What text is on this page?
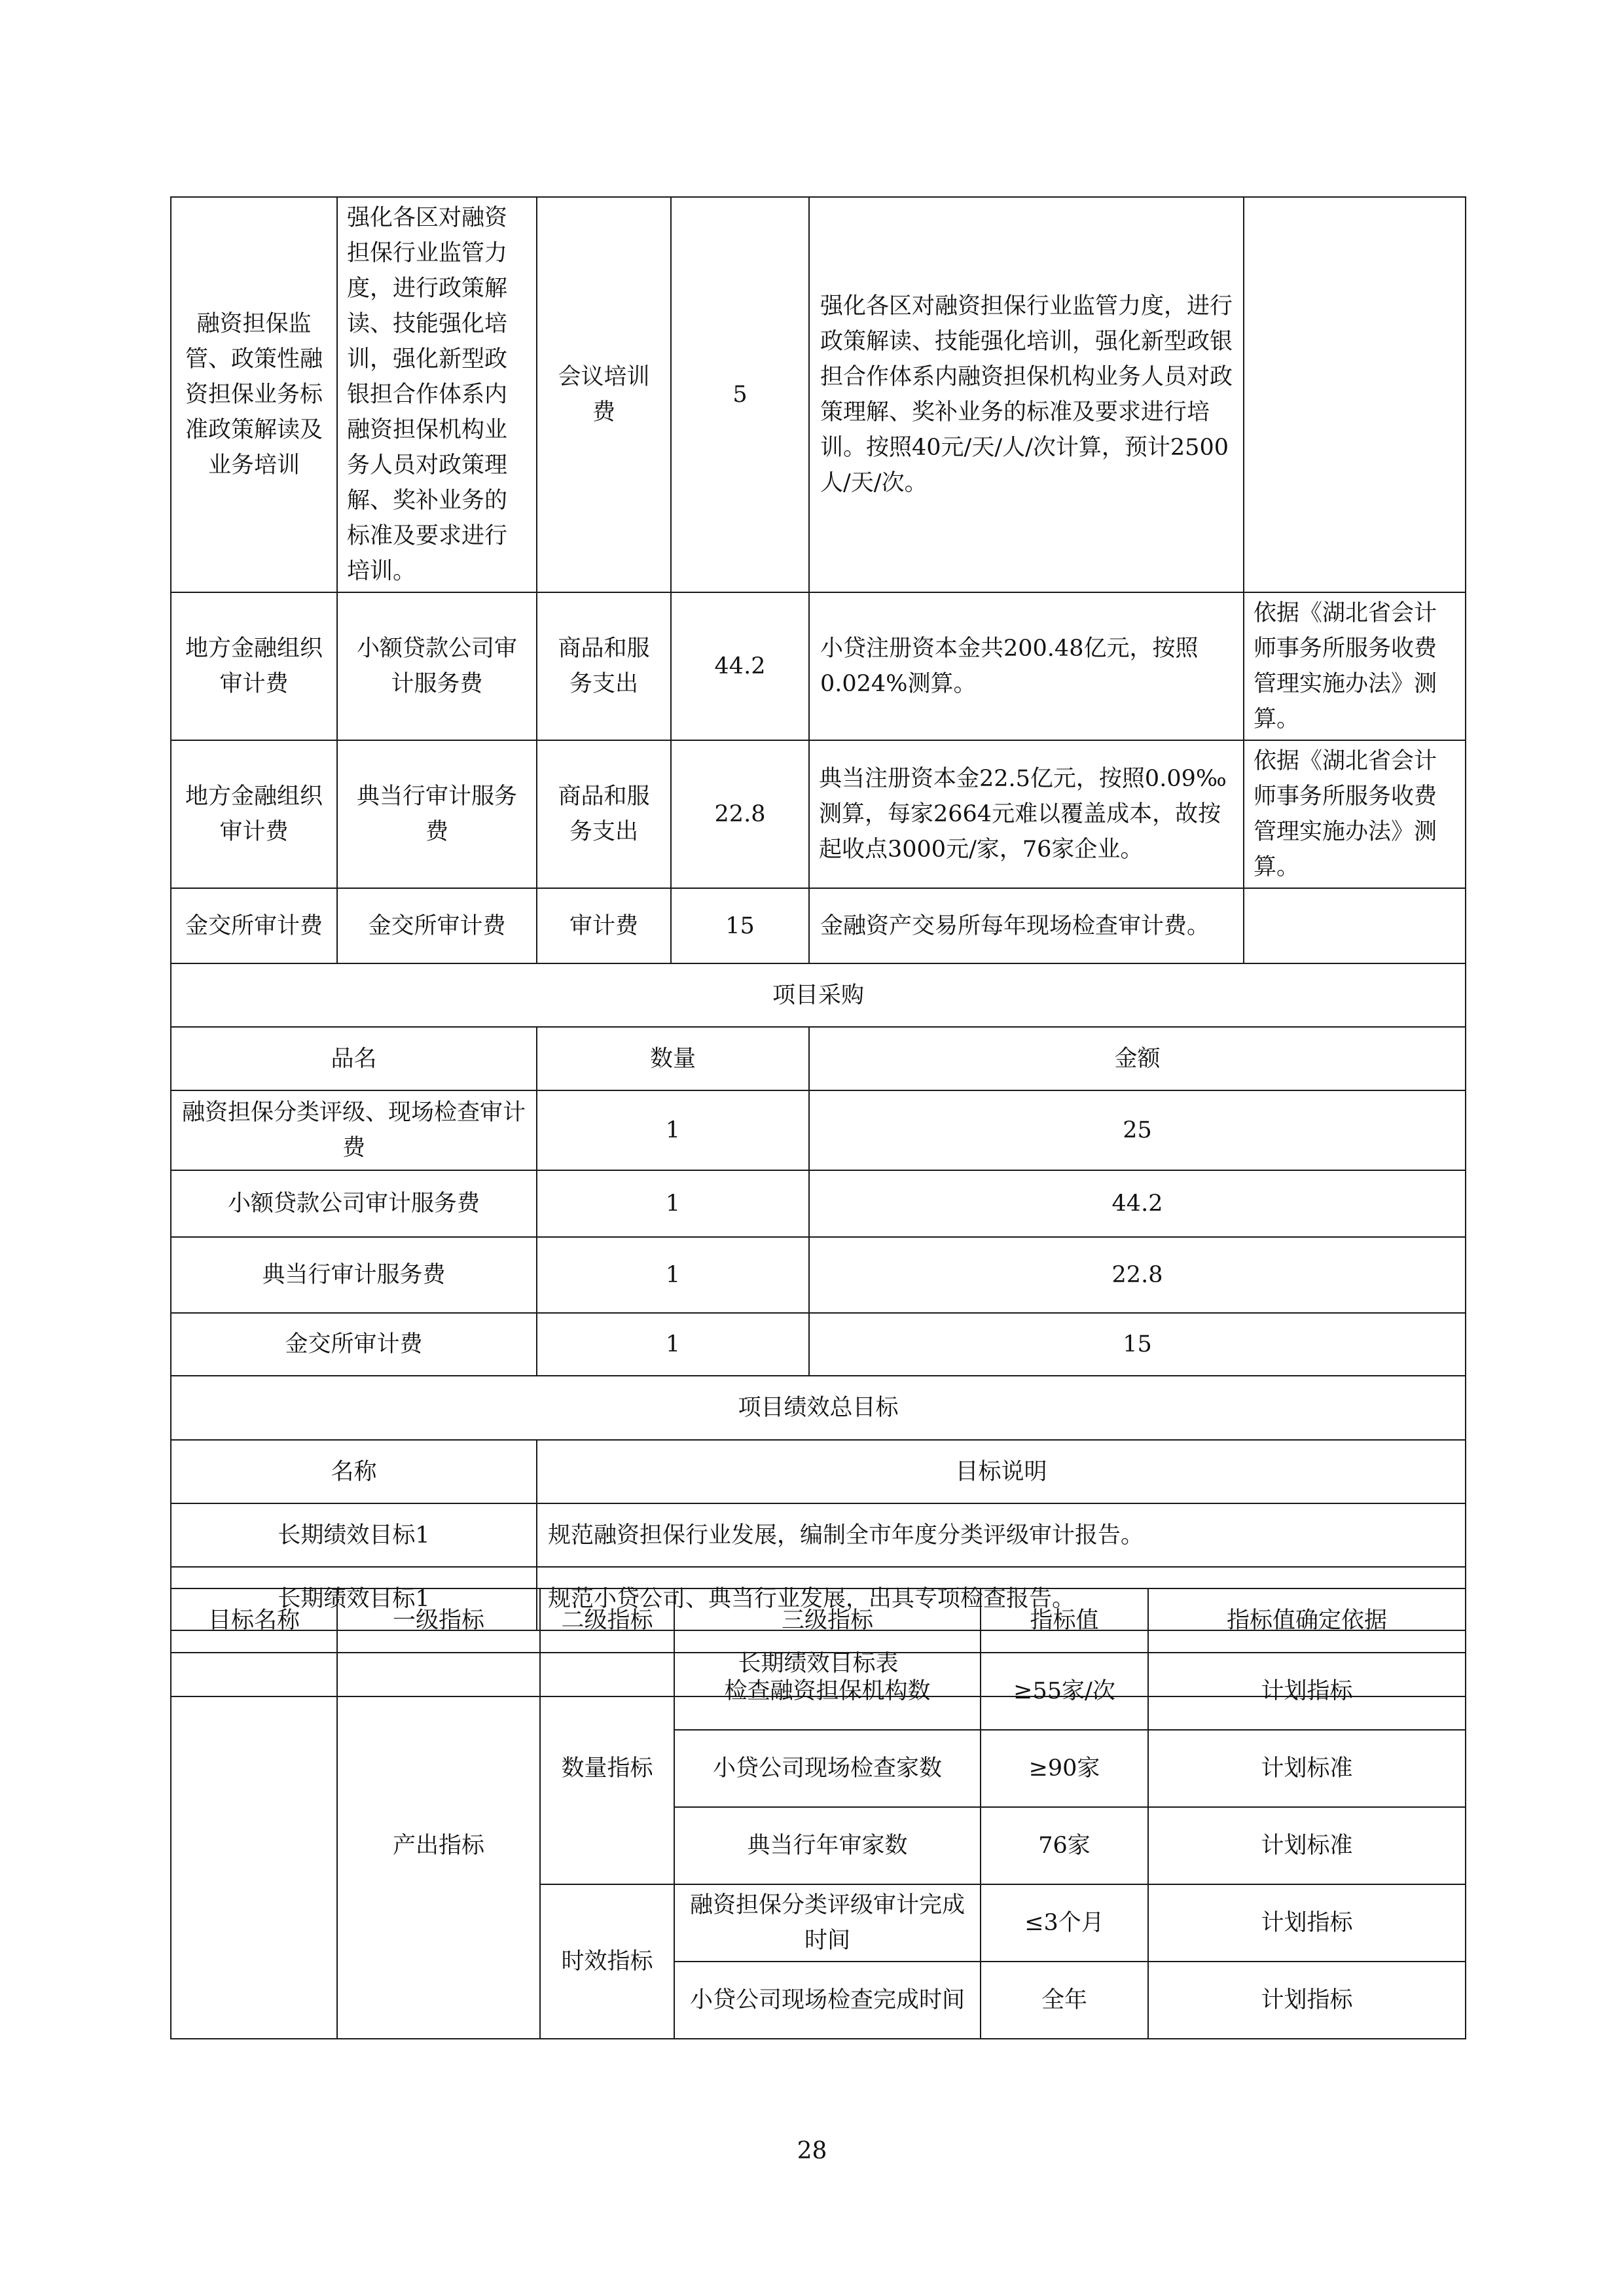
融资担保监管、政策性融资担保业务标准政策解读及业务培训	强化各区对融资担保行业监管力度，进行政策解读、技能强化培训，强化新型政银担合作体系内融资担保机构业务人员对政策理解、奖补业务的标准及要求进行培训。	会议培训费	5	强化各区对融资担保行业监管力度，进行政策解读、技能强化培训，强化新型政银担合作体系内融资担保机构业务人员对政策理解、奖补业务的标准及要求进行培训。按照40元/天/人/次计算，预计2500人/天/次。	
地方金融组织审计费	小额贷款公司审计服务费	商品和服务支出	44.2	小贷注册资本金共200.48亿元，按照0.024%测算。	依据《湖北省会计师事务所服务收费管理实施办法》测算。
地方金融组织审计费	典当行审计服务费	商品和服务支出	22.8	典当注册资本金22.5亿元，按照0.09‰测算，每家2664元难以覆盖成本，故按起收点3000元/家，76家企业。	依据《湖北省会计师事务所服务收费管理实施办法》测算。
金交所审计费	金交所审计费	审计费	15	金融资产交易所每年现场检查审计费。	
项目采购					
品名		数量		金额	
融资担保分类评级、现场检查审计费		1		25	
小额贷款公司审计服务费		1		44.2	
典当行审计服务费		1		22.8	
金交所审计费		1		15	
项目绩效总目标					
名称		目标说明			
长期绩效目标1		规范融资担保行业发展，编制全市年度分类评级审计报告。			
长期绩效目标1		规范小贷公司、典当行业发展，出具专项检查报告。			
长期绩效目标表					
目标名称	一级指标	二级指标	三级指标	指标值	指标值确定依据
	产出指标	数量指标	检查融资担保机构数	≥55家/次	计划指标
			小贷公司现场检查家数	≥90家	计划标准
			典当行年审家数	76家	计划标准
		时效指标	融资担保分类评级审计完成时间	≤3个月	计划指标
			小贷公司现场检查完成时间	全年	计划指标
28
